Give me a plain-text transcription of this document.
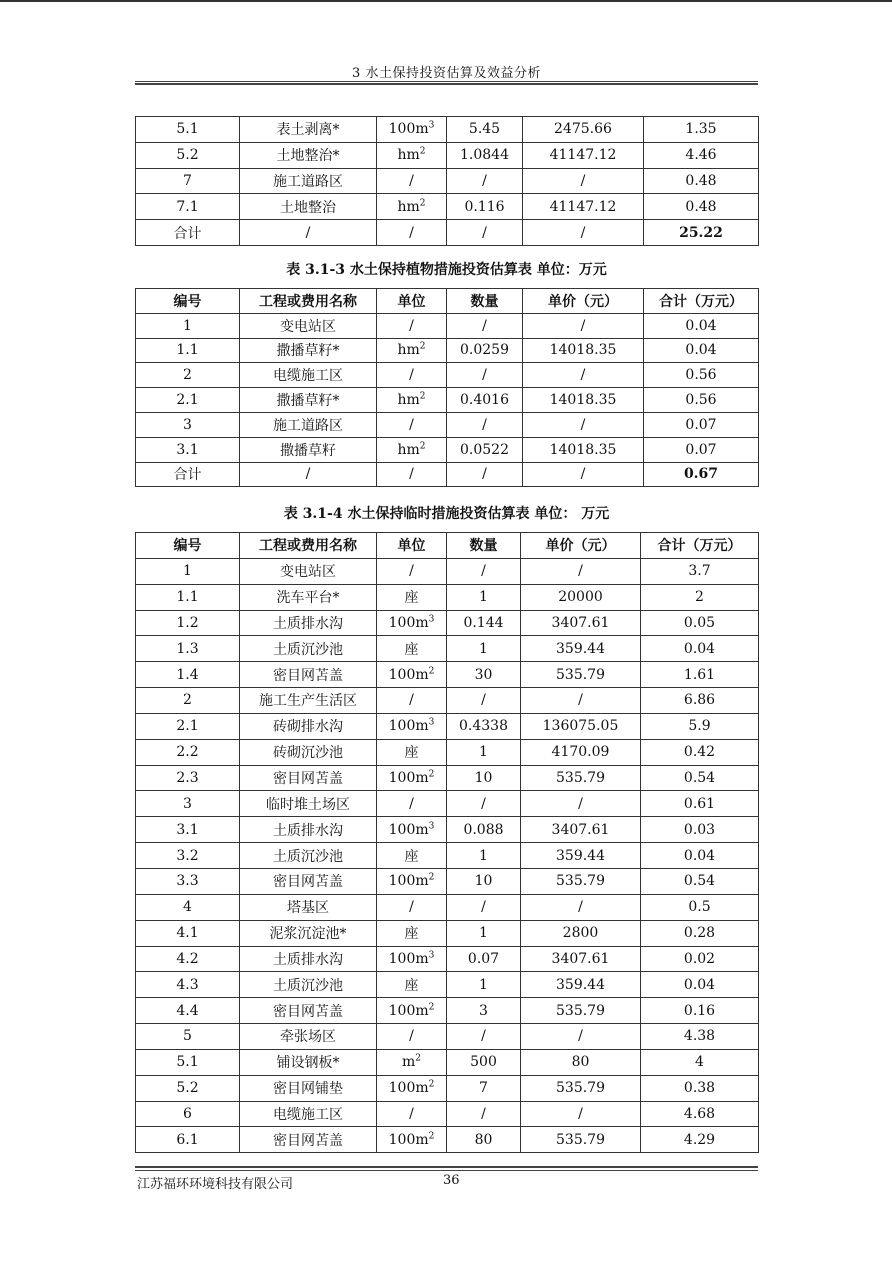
3 水土保持投资估算及效益分析
5.1	表土剥离*	$100m^3$	5.45	2475.66	1.35
5.2	土地整治*	$hm^2$	1.0844	41147.12	4.46
7	施工道路区	/	/	/	0.48
7.1	土地整治	$hm^2$	0.116	41147.12	0.48
合计	/	/	/	/	25.22
表 3.1-3 水土保持植物措施投资估算表 单位：万元
编号	工程或费用名称	单位	数量	单价（元）	合计（万元）
1	变电站区	/	/	/	0.04
1.1	撒播草籽*	$hm^2$	0.0259	14018.35	0.04
2	电缆施工区	/	/	/	0.56
2.1	撒播草籽*	$hm^2$	0.4016	14018.35	0.56
3	施工道路区	/	/	/	0.07
3.1	撒播草籽	$hm^2$	0.0522	14018.35	0.07
合计	/	/	/	/	0.67
表 3.1-4 水土保持临时措施投资估算表 单位： 万元
编号	工程或费用名称	单位	数量	单价（元）	合计（万元）
1	变电站区	/	/	/	3.7
1.1	洗车平台*	座	1	20000	2
1.2	土质排水沟	$100m^3$	0.144	3407.61	0.05
1.3	土质沉沙池	座	1	359.44	0.04
1.4	密目网苫盖	$100m^2$	30	535.79	1.61
2	施工生产生活区	/	/	/	6.86
2.1	砖砌排水沟	$100m^3$	0.4338	136075.05	5.9
2.2	砖砌沉沙池	座	1	4170.09	0.42
2.3	密目网苫盖	$100m^2$	10	535.79	0.54
3	临时堆土场区	/	/	/	0.61
3.1	土质排水沟	$100m^3$	0.088	3407.61	0.03
3.2	土质沉沙池	座	1	359.44	0.04
3.3	密目网苫盖	$100m^2$	10	535.79	0.54
4	塔基区	/	/	/	0.5
4.1	泥浆沉淀池*	座	1	2800	0.28
4.2	土质排水沟	$100m^3$	0.07	3407.61	0.02
4.3	土质沉沙池	座	1	359.44	0.04
4.4	密目网苫盖	$100m^2$	3	535.79	0.16
5	牵张场区	/	/	/	4.38
5.1	铺设钢板*	$m^2$	500	80	4
5.2	密目网铺垫	$100m^2$	7	535.79	0.38
6	电缆施工区	/	/	/	4.68
6.1	密目网苫盖	$100m^2$	80	535.79	4.29
江苏福环环境科技有限公司	36
